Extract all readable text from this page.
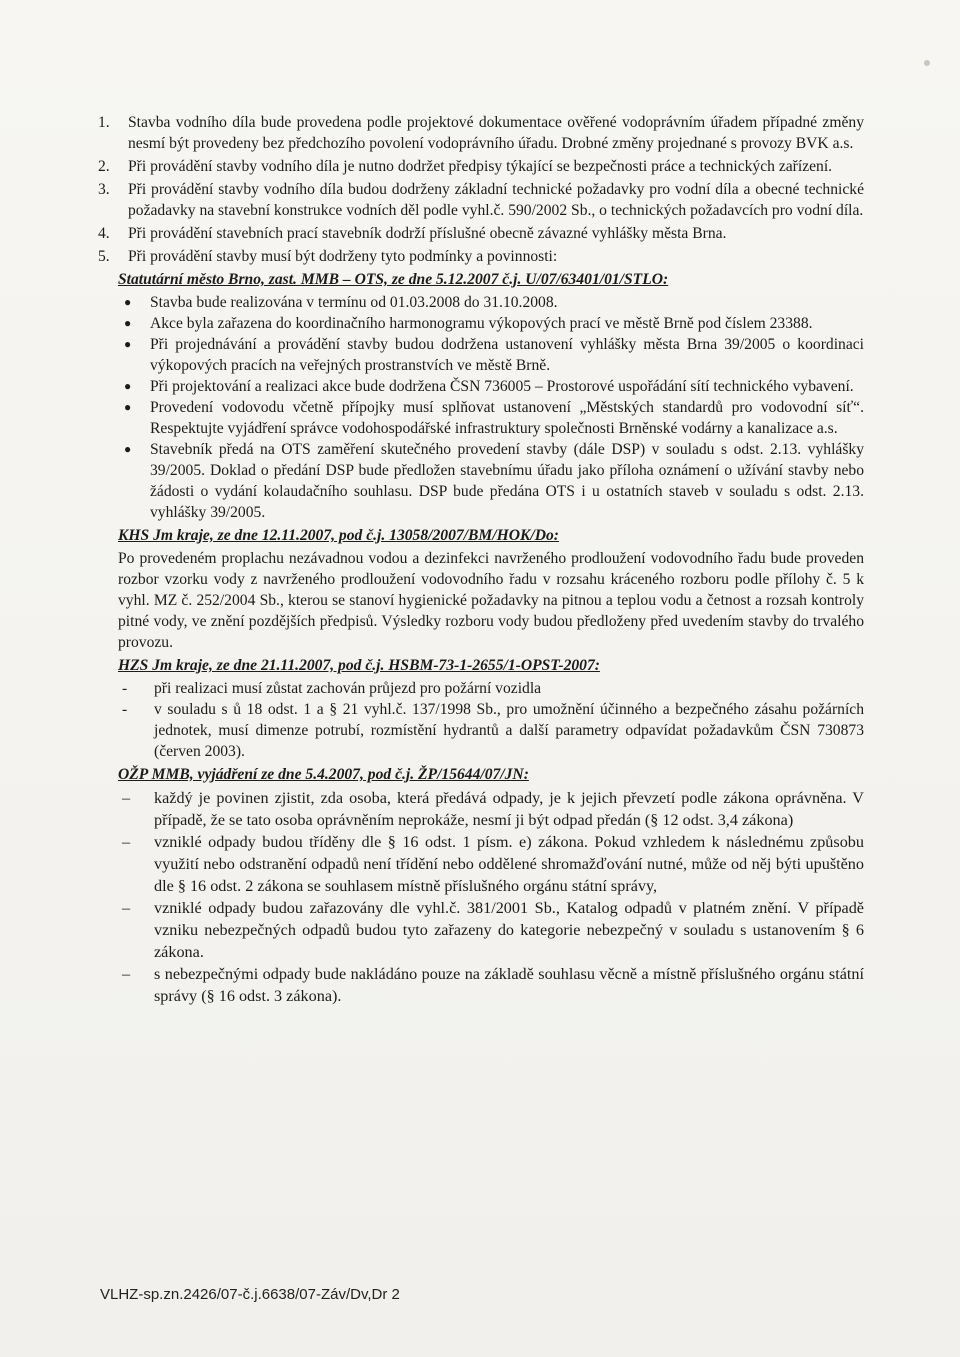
1.	Stavba vodního díla bude provedena podle projektové dokumentace ověřené vodoprávním úřadem případné změny nesmí být provedeny bez předchozího povolení vodoprávního úřadu. Drobné změny projednané s provozy BVK a.s.
2.	Při provádění stavby vodního díla je nutno dodržet předpisy týkající se bezpečnosti práce a technických zařízení.
3.	Při provádění stavby vodního díla budou dodrženy základní technické požadavky pro vodní díla a obecné technické požadavky na stavební konstrukce vodních děl podle vyhl.č. 590/2002 Sb., o technických požadavcích pro vodní díla.
4.	Při provádění stavebních prací stavebník dodrží příslušné obecně závazné vyhlášky města Brna.
5.	Při provádění stavby musí být dodrženy tyto podmínky a povinnosti:
Statutární město Brno, zast. MMB – OTS, ze dne 5.12.2007 č.j. U/07/63401/01/STLO:
●	Stavba bude realizována v termínu od 01.03.2008 do 31.10.2008.
●	Akce byla zařazena do koordinačního harmonogramu výkopových prací ve městě Brně pod číslem 23388.
●	Při projednávání a provádění stavby budou dodržena ustanovení vyhlášky města Brna 39/2005 o koordinaci výkopových pracích na veřejných prostranstvích ve městě Brně.
●	Při projektování a realizaci akce bude dodržena ČSN 736005 – Prostorové uspořádání sítí technického vybavení.
●	Provedení vodovodu včetně přípojky musí splňovat ustanovení „Městských standardů pro vodovodní síť“. Respektujte vyjádření správce vodohospodářské infrastruktury společnosti Brněnské vodárny a kanalizace a.s.
●	Stavebník předá na OTS zaměření skutečného provedení stavby (dále DSP) v souladu s odst. 2.13. vyhlášky 39/2005. Doklad o předání DSP bude předložen stavebnímu úřadu jako příloha oznámení o užívání stavby nebo žádosti o vydání kolaudačního souhlasu. DSP bude předána OTS i u ostatních staveb v souladu s odst. 2.13. vyhlášky 39/2005.
KHS Jm kraje, ze dne 12.11.2007, pod č.j. 13058/2007/BM/HOK/Do:

Po provedeném proplachu nezávadnou vodou a dezinfekci navrženého prodloužení vodovodního řadu bude proveden rozbor vzorku vody z navrženého prodloužení vodovodního řadu v rozsahu kráceného rozboru podle přílohy č. 5 k vyhl. MZ č. 252/2004 Sb., kterou se stanoví hygienické požadavky na pitnou a teplou vodu a četnost a rozsah kontroly pitné vody, ve znění pozdějších předpisů. Výsledky rozboru vody budou předloženy před uvedením stavby do trvalého provozu.

HZS Jm kraje, ze dne 21.11.2007, pod č.j. HSBM-73-1-2655/1-OPST-2007:
-	při realizaci musí zůstat zachován průjezd pro požární vozidla
-	v souladu s ů 18 odst. 1 a § 21 vyhl.č. 137/1998 Sb., pro umožnění účinného a bezpečného zásahu požárních jednotek, musí dimenze potrubí, rozmístění hydrantů a další parametry odpavídat požadavkům ČSN 730873 (červen 2003).
OŽP MMB, vyjádření ze dne 5.4.2007, pod č.j. ŽP/15644/07/JN:
–	každý je povinen zjistit, zda osoba, která předává odpady, je k jejich převzetí podle zákona oprávněna. V případě, že se tato osoba oprávněním neprokáže, nesmí ji být odpad předán (§ 12 odst. 3,4 zákona)
–	vzniklé odpady budou tříděny dle § 16 odst. 1 písm. e) zákona. Pokud vzhledem k následnému způsobu využití nebo odstranění odpadů není třídění nebo oddělené shromažďování nutné, může od něj býti upuštěno dle § 16 odst. 2 zákona se souhlasem místně příslušného orgánu státní správy,
–	vzniklé odpady budou zařazovány dle vyhl.č. 381/2001 Sb., Katalog odpadů v platném znění. V případě vzniku nebezpečných odpadů budou tyto zařazeny do kategorie nebezpečný v souladu s ustanovením § 6 zákona.
–	s nebezpečnými odpady bude nakládáno pouze na základě souhlasu věcně a místně příslušného orgánu státní správy (§ 16 odst. 3 zákona).
VLHZ-sp.zn.2426/07-č.j.6638/07-Záv/Dv,Dr 2
